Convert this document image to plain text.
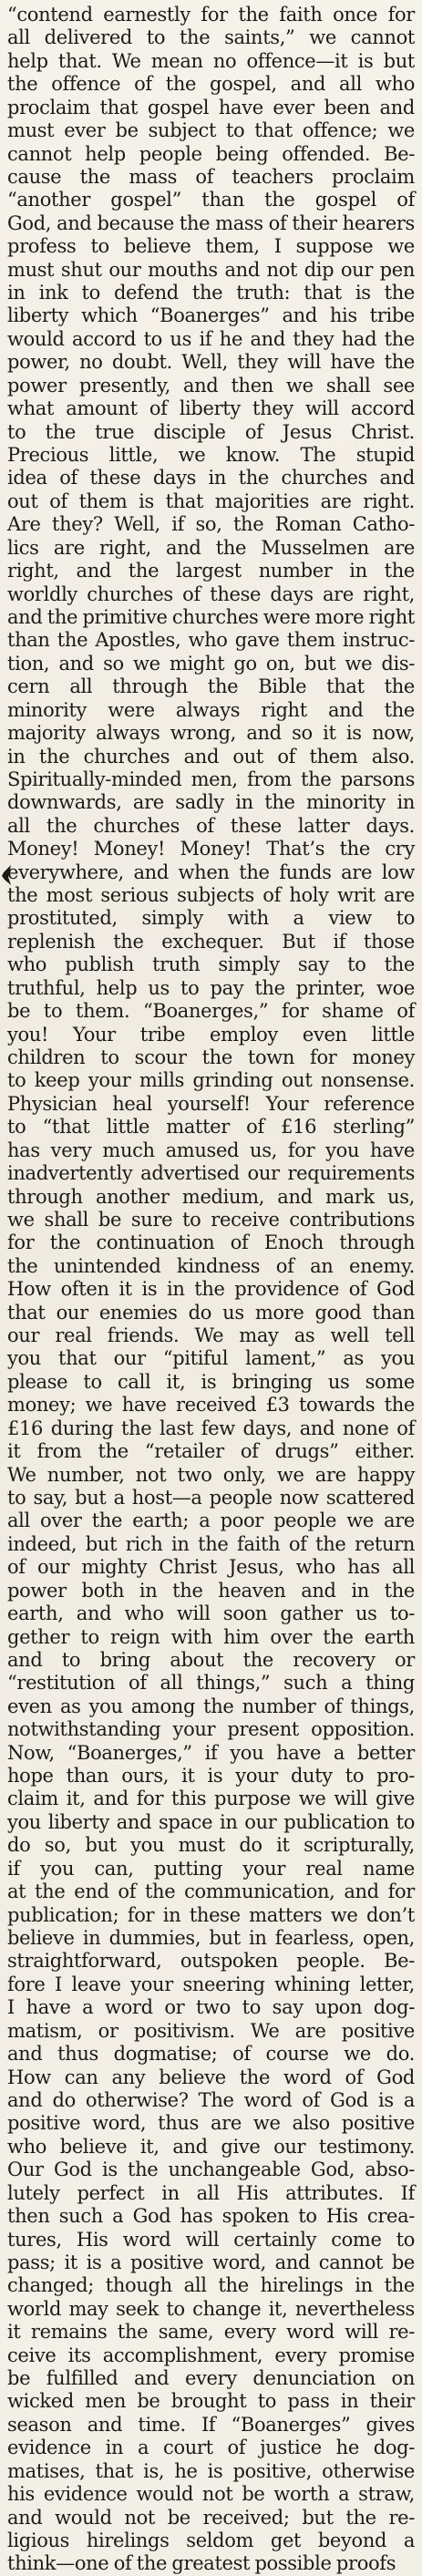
“contend earnestly for the faith once for
all delivered to the saints,” we cannot
help that. We mean no offence—it is but
the offence of the gospel, and all who
proclaim that gospel have ever been and
must ever be subject to that offence; we
cannot help people being offended. Be-
cause the mass of teachers proclaim
“another gospel” than the gospel of
God, and because the mass of their hearers
profess to believe them, I suppose we
must shut our mouths and not dip our pen
in ink to defend the truth: that is the
liberty which “Boanerges” and his tribe
would accord to us if he and they had the
power, no doubt. Well, they will have the
power presently, and then we shall see
what amount of liberty they will accord
to the true disciple of Jesus Christ.
Precious little, we know. The stupid
idea of these days in the churches and
out of them is that majorities are right.
Are they? Well, if so, the Roman Catho-
lics are right, and the Musselmen are
right, and the largest number in the
worldly churches of these days are right,
and the primitive churches were more right
than the Apostles, who gave them instruc-
tion, and so we might go on, but we dis-
cern all through the Bible that the
minority were always right and the
majority always wrong, and so it is now,
in the churches and out of them also.
Spiritually-minded men, from the parsons
downwards, are sadly in the minority in
all the churches of these latter days.
Money! Money! Money! That’s the cry
everywhere, and when the funds are low
the most serious subjects of holy writ are
prostituted, simply with a view to
replenish the exchequer. But if those
who publish truth simply say to the
truthful, help us to pay the printer, woe
be to them. “Boanerges,” for shame of
you! Your tribe employ even little
children to scour the town for money
to keep your mills grinding out nonsense.
Physician heal yourself! Your reference
to “that little matter of £16 sterling”
has very much amused us, for you have
inadvertently advertised our requirements
through another medium, and mark us,
we shall be sure to receive contributions
for the continuation of Enoch through
the unintended kindness of an enemy.
How often it is in the providence of God
that our enemies do us more good than
our real friends. We may as well tell
you that our “pitiful lament,” as you
please to call it, is bringing us some
money; we have received £3 towards the
£16 during the last few days, and none of
it from the “retailer of drugs” either.
We number, not two only, we are happy
to say, but a host—a people now scattered
all over the earth; a poor people we are
indeed, but rich in the faith of the return
of our mighty Christ Jesus, who has all
power both in the heaven and in the
earth, and who will soon gather us to-
gether to reign with him over the earth
and to bring about the recovery or
“restitution of all things,” such a thing
even as you among the number of things,
notwithstanding your present opposition.
Now, “Boanerges,” if you have a better
hope than ours, it is your duty to pro-
claim it, and for this purpose we will give
you liberty and space in our publication to
do so, but you must do it scripturally,
if you can, putting your real name
at the end of the communication, and for
publication; for in these matters we don’t
believe in dummies, but in fearless, open,
straightforward, outspoken people. Be-
fore I leave your sneering whining letter,
I have a word or two to say upon dog-
matism, or positivism. We are positive
and thus dogmatise; of course we do.
How can any believe the word of God
and do otherwise? The word of God is a
positive word, thus are we also positive
who believe it, and give our testimony.
Our God is the unchangeable God, abso-
lutely perfect in all His attributes. If
then such a God has spoken to His crea-
tures, His word will certainly come to
pass; it is a positive word, and cannot be
changed; though all the hirelings in the
world may seek to change it, nevertheless
it remains the same, every word will re-
ceive its accomplishment, every promise
be fulfilled and every denunciation on
wicked men be brought to pass in their
season and time. If “Boanerges” gives
evidence in a court of justice he dog-
matises, that is, he is positive, otherwise
his evidence would not be worth a straw,
and would not be received; but the re-
ligious hirelings seldom get beyond a
think—one of the greatest possible proofs
